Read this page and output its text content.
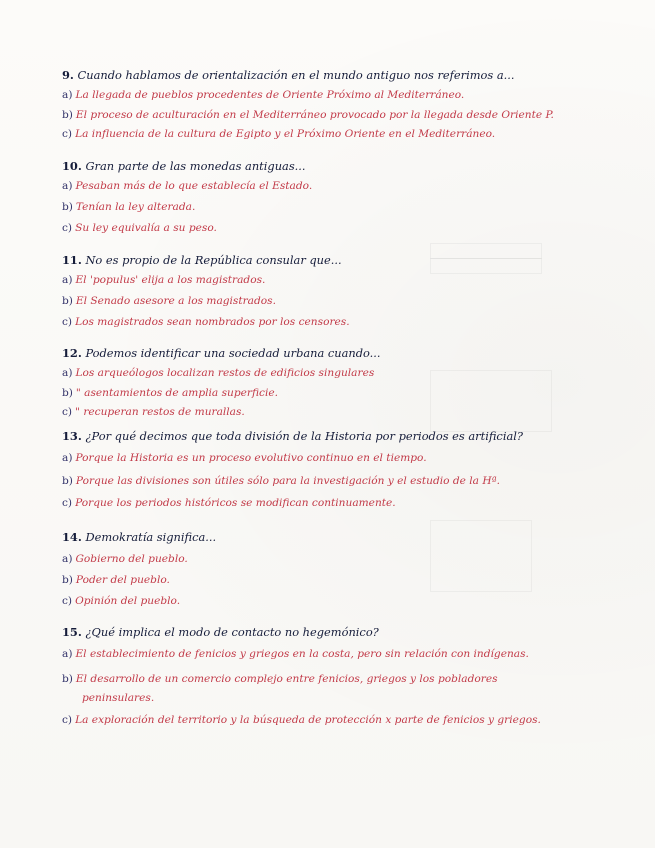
9. Cuando hablamos de orientalización en el mundo antiguo nos referimos a...
a) La llegada de pueblos procedentes de Oriente Próximo al Mediterráneo.
b) El proceso de aculturación en el Mediterráneo provocado por la llegada desde Oriente P.
c) La influencia de la cultura de Egipto y el Próximo Oriente en el Mediterráneo.
10. Gran parte de las monedas antiguas...
a) Pesaban más de lo que establecía el Estado.
b) Tenían la ley alterada.
c) Su ley equivalía a su peso.
11. No es propio de la República consular que...
a) El 'populus' elija a los magistrados.
b) El Senado asesore a los magistrados.
c) Los magistrados sean nombrados por los censores.
12. Podemos identificar una sociedad urbana cuando...
a) Los arqueólogos localizan restos de edificios singulares
b) " asentamientos de amplia superficie.
c) " recuperan restos de murallas.
13. ¿Por qué decimos que toda división de la Historia por periodos es artificial?
a) Porque la Historia es un proceso evolutivo continuo en el tiempo.
b) Porque las divisiones son útiles sólo para la investigación y el estudio de la Hª.
c) Porque los periodos históricos se modifican continuamente.
14. Demokratía significa...
a) Gobierno del pueblo.
b) Poder del pueblo.
c) Opinión del pueblo.
15. ¿Qué implica el modo de contacto no hegemónico?
a) El establecimiento de fenicios y griegos en la costa, pero sin relación con indígenas.
b) El desarrollo de un comercio complejo entre fenicios, griegos y los pobladores
peninsulares.
c) La exploración del territorio y la búsqueda de protección x parte de fenicios y griegos.
